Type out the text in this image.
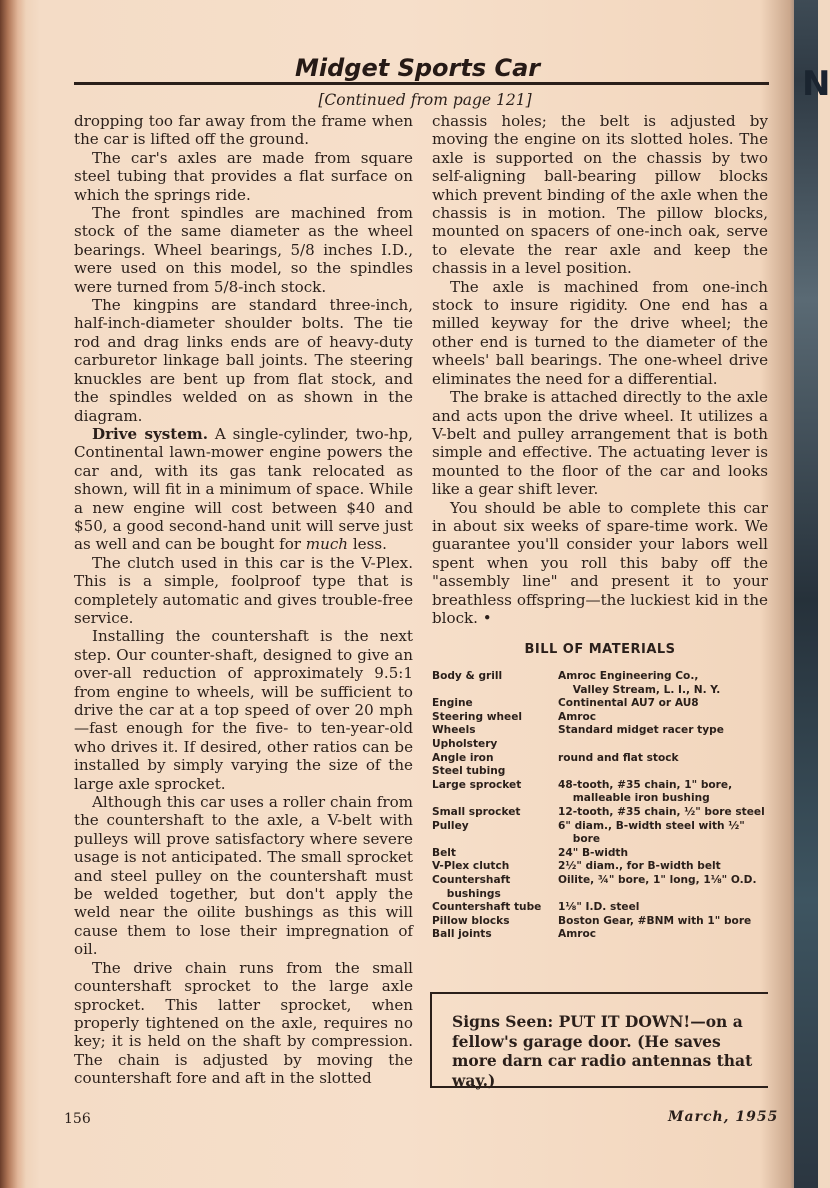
N
Midget Sports Car
[Continued from page 121]

dropping too far away from the frame when the car is lifted off the ground.

The car's axles are made from square steel tubing that provides a flat surface on which the springs ride.

The front spindles are machined from stock of the same diameter as the wheel bearings. Wheel bearings, 5/8 inches I.D., were used on this model, so the spindles were turned from 5/8-inch stock.

The kingpins are standard three-inch, half-inch-diameter shoulder bolts. The tie rod and drag links ends are of heavy-duty carburetor linkage ball joints. The steering knuckles are bent up from flat stock, and the spindles welded on as shown in the diagram.

Drive system. A single-cylinder, two-hp, Continental lawn-mower engine powers the car and, with its gas tank relocated as shown, will fit in a minimum of space. While a new engine will cost between $40 and $50, a good second-hand unit will serve just as well and can be bought for much less.

The clutch used in this car is the V-Plex. This is a simple, foolproof type that is completely automatic and gives trouble-free service.

Installing the countershaft is the next step. Our counter-shaft, designed to give an over-all reduction of approximately 9.5:1 from engine to wheels, will be sufficient to drive the car at a top speed of over 20 mph—fast enough for the five- to ten-year-old who drives it. If desired, other ratios can be installed by simply varying the size of the large axle sprocket.

Although this car uses a roller chain from the countershaft to the axle, a V-belt with pulleys will prove satisfactory where severe usage is not anticipated. The small sprocket and steel pulley on the countershaft must be welded together, but don't apply the weld near the oilite bushings as this will cause them to lose their impregnation of oil.

The drive chain runs from the small countershaft sprocket to the large axle sprocket. This latter sprocket, when properly tightened on the axle, requires no key; it is held on the shaft by compression. The chain is adjusted by moving the countershaft fore and aft in the slotted

chassis holes; the belt is adjusted by moving the engine on its slotted holes. The axle is supported on the chassis by two self-aligning ball-bearing pillow blocks which prevent binding of the axle when the chassis is in motion. The pillow blocks, mounted on spacers of one-inch oak, serve to elevate the rear axle and keep the chassis in a level position.

The axle is machined from one-inch stock to insure rigidity. One end has a milled keyway for the drive wheel; the other end is turned to the diameter of the wheels' ball bearings. The one-wheel drive eliminates the need for a differential.

The brake is attached directly to the axle and acts upon the drive wheel. It utilizes a V-belt and pulley arrangement that is both simple and effective. The actuating lever is mounted to the floor of the car and looks like a gear shift lever.

You should be able to complete this car in about six weeks of spare-time work. We guarantee you'll consider your labors well spent when you roll this baby off the "assembly line" and present it to your breathless offspring—the luckiest kid in the block. •

BILL OF MATERIALS
Body & grill	Amroc Engineering Co.,
Valley Stream, L. I., N. Y.
Engine	Continental AU7 or AU8
Steering wheel	Amroc
Wheels	Standard midget racer type
Upholstery
Angle iron	round and flat stock
Steel tubing
Large sprocket	48-tooth, #35 chain, 1" bore,
malleable iron bushing
Small sprocket	12-tooth, #35 chain, ½" bore steel
Pulley	6" diam., B-width steel with ½"
bore
Belt	24" B-width
V-Plex clutch	2½" diam., for B-width belt
Countershaft	Oilite, ¾" bore, 1" long, 1⅛" O.D.
bushings
Countershaft tube	1⅛" I.D. steel
Pillow blocks	Boston Gear, #BNM with 1" bore
Ball joints	Amroc
Signs Seen: PUT IT DOWN!—on a fellow's garage door. (He saves more darn car radio antennas that way.)
156	March, 1955
